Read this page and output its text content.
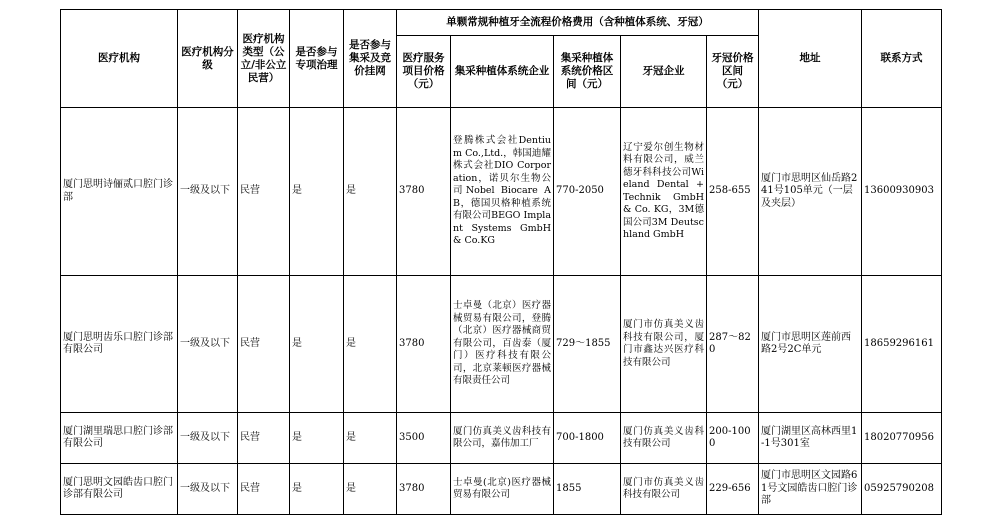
医疗机构	医疗机构分级	医疗机构类型（公立/非公立民营）	是否参与专项治理	是否参与集采及竞价挂网	单颗常规种植牙全流程价格费用（含种植体系统、牙冠）					地址	联系方式
					医疗服务项目价格（元）	集采种植体系统企业	集采种植体系统价格区间（元）	牙冠企业	牙冠价格区间（元）		
厦门思明诗俪贰口腔门诊部	一级及以下	民营	是	是	3780	登腾株式会社Dentium Co.,Ltd.，韩国迪耀株式会社DIO Corporation，诺贝尔生物公司Nobel Biocare AB，德国贝格种植系统有限公司BEGO Implant Systems GmbH & Co.KG	770-2050	辽宁爱尔创生物材料有限公司，威兰德牙科科技公司Wieland Dental + Technik GmbH & Co. KG，3M德国公司3M Deutschland GmbH	258-655	厦门市思明区仙岳路241号105单元（一层及夹层）	13600930903
厦门思明齿乐口腔门诊部有限公司	一级及以下	民营	是	是	3780	士卓曼（北京）医疗器械贸易有限公司，登腾（北京）医疗器械商贸有限公司，百齿泰（厦门）医疗科技有限公司，北京莱顿医疗器械有限责任公司	729～1855	厦门市仿真美义齿科技有限公司，厦门市鑫达兴医疗科技有限公司	287～820	厦门市思明区莲前西路2号2C单元	18659296161
厦门湖里瑞思口腔门诊部有限公司	一级及以下	民营	是	是	3500	厦门仿真美义齿科技有限公司，嘉伟加工厂	700-1800	厦门仿真美义齿科技有限公司	200-1000	厦门湖里区高林西里1-1号301室	18020770956
厦门思明文园皓齿口腔门诊部有限公司	一级及以下	民营	是	是	3780	士卓曼(北京)医疗器械贸易有限公司	1855	厦门市仿真美义齿科技有限公司	229-656	厦门市思明区文园路61号文园皓齿口腔门诊部	05925790208
